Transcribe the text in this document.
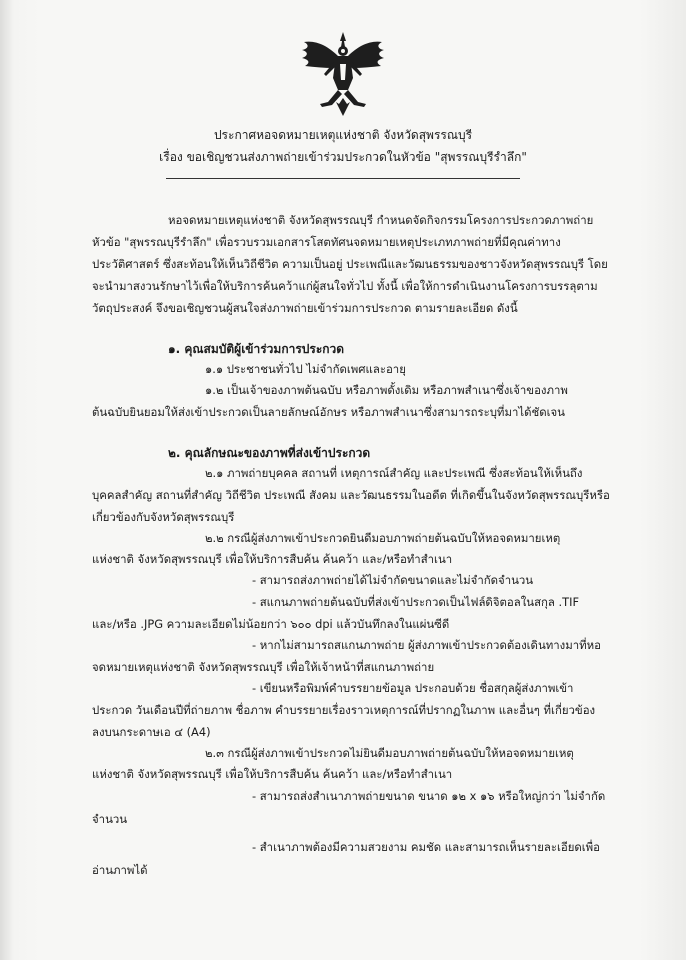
ประกาศหอจดหมายเหตุแห่งชาติ จังหวัดสุพรรณบุรี
เรื่อง ขอเชิญชวนส่งภาพถ่ายเข้าร่วมประกวดในหัวข้อ "สุพรรณบุรีรำลึก"
หอจดหมายเหตุแห่งชาติ จังหวัดสุพรรณบุรี กำหนดจัดกิจกรรมโครงการประกวดภาพถ่าย
หัวข้อ "สุพรรณบุรีรำลึก" เพื่อรวบรวมเอกสารโสตทัศนจดหมายเหตุประเภทภาพถ่ายที่มีคุณค่าทาง
ประวัติศาสตร์ ซึ่งสะท้อนให้เห็นวิถีชีวิต ความเป็นอยู่ ประเพณีและวัฒนธรรมของชาวจังหวัดสุพรรณบุรี โดย
จะนำมาสงวนรักษาไว้เพื่อให้บริการค้นคว้าแก่ผู้สนใจทั่วไป ทั้งนี้ เพื่อให้การดำเนินงานโครงการบรรลุตาม
วัตถุประสงค์ จึงขอเชิญชวนผู้สนใจส่งภาพถ่ายเข้าร่วมการประกวด ตามรายละเอียด ดังนี้
๑. คุณสมบัติผู้เข้าร่วมการประกวด
๑.๑ ประชาชนทั่วไป ไม่จำกัดเพศและอายุ
๑.๒ เป็นเจ้าของภาพต้นฉบับ หรือภาพดั้งเดิม หรือภาพสำเนาซึ่งเจ้าของภาพ
ต้นฉบับยินยอมให้ส่งเข้าประกวดเป็นลายลักษณ์อักษร หรือภาพสำเนาซึ่งสามารถระบุที่มาได้ชัดเจน
๒. คุณลักษณะของภาพที่ส่งเข้าประกวด
๒.๑ ภาพถ่ายบุคคล สถานที่ เหตุการณ์สำคัญ และประเพณี ซึ่งสะท้อนให้เห็นถึง
บุคคลสำคัญ สถานที่สำคัญ วิถีชีวิต ประเพณี สังคม และวัฒนธรรมในอดีต ที่เกิดขึ้นในจังหวัดสุพรรณบุรีหรือ
เกี่ยวข้องกับจังหวัดสุพรรณบุรี
๒.๒ กรณีผู้ส่งภาพเข้าประกวดยินดีมอบภาพถ่ายต้นฉบับให้หอจดหมายเหตุ
แห่งชาติ จังหวัดสุพรรณบุรี เพื่อให้บริการสืบค้น ค้นคว้า และ/หรือทำสำเนา
- สามารถส่งภาพถ่ายได้ไม่จำกัดขนาดและไม่จำกัดจำนวน
- สแกนภาพถ่ายต้นฉบับที่ส่งเข้าประกวดเป็นไฟล์ดิจิตอลในสกุล .TIF
และ/หรือ .JPG ความละเอียดไม่น้อยกว่า ๖๐๐ dpi แล้วบันทึกลงในแผ่นซีดี
- หากไม่สามารถสแกนภาพถ่าย ผู้ส่งภาพเข้าประกวดต้องเดินทางมาที่หอ
จดหมายเหตุแห่งชาติ จังหวัดสุพรรณบุรี เพื่อให้เจ้าหน้าที่สแกนภาพถ่าย
- เขียนหรือพิมพ์คำบรรยายข้อมูล ประกอบด้วย ชื่อสกุลผู้ส่งภาพเข้า
ประกวด วันเดือนปีที่ถ่ายภาพ ชื่อภาพ คำบรรยายเรื่องราวเหตุการณ์ที่ปรากฏในภาพ และอื่นๆ ที่เกี่ยวข้อง
ลงบนกระดาษเอ ๔ (A4)
๒.๓ กรณีผู้ส่งภาพเข้าประกวดไม่ยินดีมอบภาพถ่ายต้นฉบับให้หอจดหมายเหตุ
แห่งชาติ จังหวัดสุพรรณบุรี เพื่อให้บริการสืบค้น ค้นคว้า และ/หรือทำสำเนา
- สามารถส่งสำเนาภาพถ่ายขนาด ขนาด ๑๒ x ๑๖ หรือใหญ่กว่า ไม่จำกัด
จำนวน
- สำเนาภาพต้องมีความสวยงาม คมชัด และสามารถเห็นรายละเอียดเพื่อ
อ่านภาพได้
